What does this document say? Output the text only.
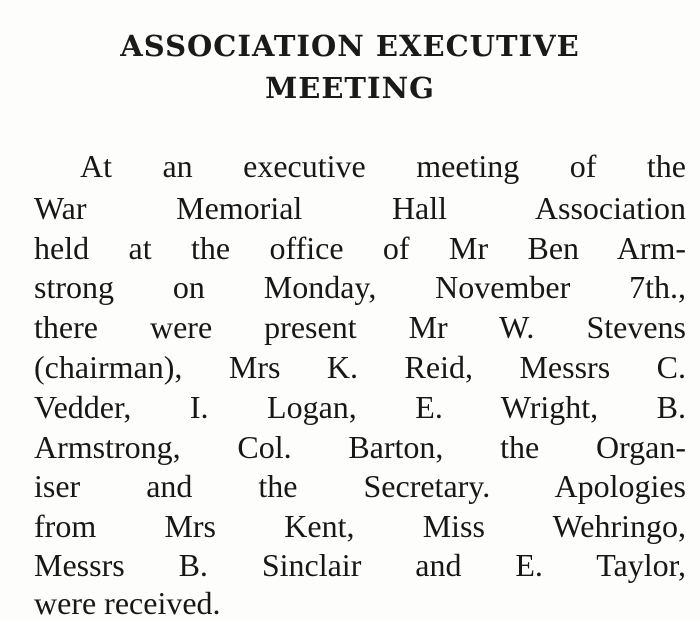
ASSOCIATION EXECUTIVE
MEETING

At an executive meeting of the

War Memorial Hall Association

held at the office of Mr Ben Arm-

strong on Monday, November 7th.,

there were present Mr W. Stevens

(chairman), Mrs K. Reid, Messrs C.

Vedder, I. Logan, E. Wright, B.

Armstrong, Col. Barton, the Organ-

iser and the Secretary. Apologies

from Mrs Kent, Miss Wehringo,

Messrs B. Sinclair and E. Taylor,

were received.
